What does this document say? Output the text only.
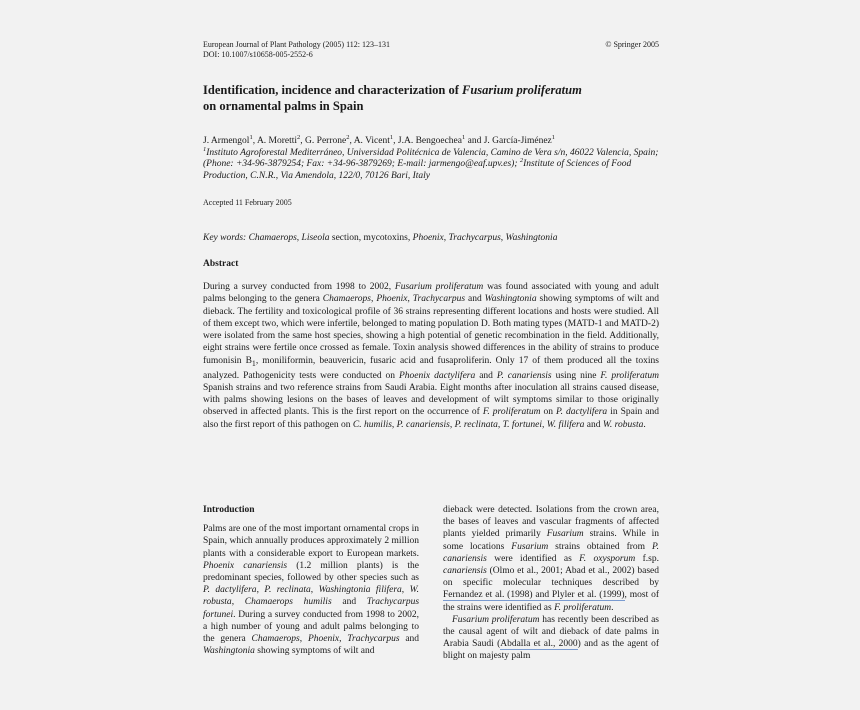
European Journal of Plant Pathology (2005) 112: 123–131
DOI: 10.1007/s10658-005-2552-6
© Springer 2005
Identification, incidence and characterization of Fusarium proliferatum
on ornamental palms in Spain
J. Armengol$^1$, A. Moretti$^2$, G. Perrone$^2$, A. Vicent$^1$, J.A. Bengoechea$^1$ and J. García-Jiménez$^1$
$^1$Instituto Agroforestal Mediterráneo, Universidad Politécnica de Valencia, Camino de Vera s/n, 46022 Valencia, Spain; (Phone: +34-96-3879254; Fax: +34-96-3879269; E-mail: jarmengo@eaf.upv.es); $^2$Institute of Sciences of Food Production, C.N.R., Via Amendola, 122/0, 70126 Bari, Italy
Accepted 11 February 2005
Key words: Chamaerops, Liseola section, mycotoxins, Phoenix, Trachycarpus, Washingtonia
Abstract
During a survey conducted from 1998 to 2002, Fusarium proliferatum was found associated with young and adult palms belonging to the genera Chamaerops, Phoenix, Trachycarpus and Washingtonia showing symptoms of wilt and dieback. The fertility and toxicological profile of 36 strains representing different locations and hosts were studied. All of them except two, which were infertile, belonged to mating population D. Both mating types (MATD-1 and MATD-2) were isolated from the same host species, showing a high potential of genetic recombination in the field. Additionally, eight strains were fertile once crossed as female. Toxin analysis showed differences in the ability of strains to produce fumonisin $B_1$, moniliformin, beauvericin, fusaric acid and fusaproliferin. Only 17 of them produced all the toxins analyzed. Pathogenicity tests were conducted on Phoenix dactylifera and P. canariensis using nine F. proliferatum Spanish strains and two reference strains from Saudi Arabia. Eight months after inoculation all strains caused disease, with palms showing lesions on the bases of leaves and development of wilt symptoms similar to those originally observed in affected plants. This is the first report on the occurrence of F. proliferatum on P. dactylifera in Spain and also the first report of this pathogen on C. humilis, P. canariensis, P. reclinata, T. fortunei, W. filifera and W. robusta.
Introduction

Palms are one of the most important ornamental crops in Spain, which annually produces approximately 2 million plants with a considerable export to European markets. Phoenix canariensis (1.2 million plants) is the predominant species, followed by other species such as P. dactylifera, P. reclinata, Washingtonia filifera, W. robusta, Chamaerops humilis and Trachycarpus fortunei. During a survey conducted from 1998 to 2002, a high number of young and adult palms belonging to the genera Chamaerops, Phoenix, Trachycarpus and Washingtonia showing symptoms of wilt and

dieback were detected. Isolations from the crown area, the bases of leaves and vascular fragments of affected plants yielded primarily Fusarium strains. While in some locations Fusarium strains obtained from P. canariensis were identified as F. oxysporum f.sp. canariensis (Olmo et al., 2001; Abad et al., 2002) based on specific molecular techniques described by Fernandez et al. (1998) and Plyler et al. (1999), most of the strains were identified as F. proliferatum.

Fusarium proliferatum has recently been described as the causal agent of wilt and dieback of date palms in Arabia Saudi (Abdalla et al., 2000) and as the agent of blight on majesty palm
